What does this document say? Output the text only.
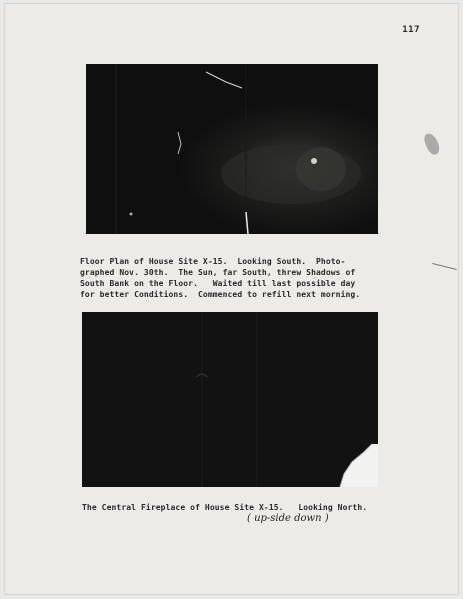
117
Floor Plan of House Site X-15.  Looking South.  Photo-
graphed Nov. 30th.  The Sun, far South, threw Shadows of
South Bank on the Floor.   Waited till last possible day
for better Conditions.  Commenced to refill next morning.
The Central Fireplace of House Site X-15.   Looking North.
( up-side down )
